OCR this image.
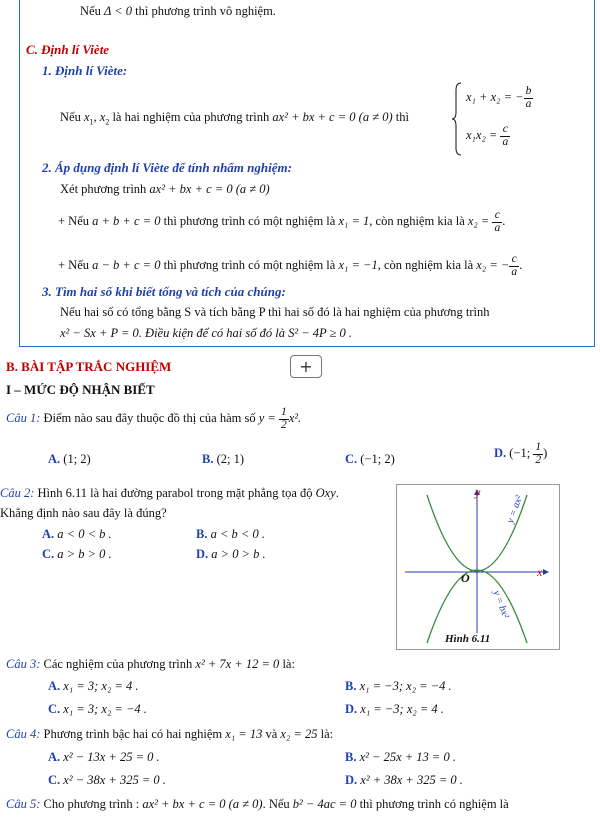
Nếu Δ < 0 thì phương trình vô nghiệm.
C. Định lí Viète
1. Định lí Viète:
Nếu $x_1$, $x_2$ là hai nghiệm của phương trình ax² + bx + c = 0 (a ≠ 0) thì
x₁ + x₂ = − $\frac{b}{a}$
$x_1x_2 = \frac{c}{a}$
2. Áp dụng định lí Viète để tính nhẩm nghiệm:
Xét phương trình ax² + bx + c = 0 (a ≠ 0)
+ Nếu a + b + c = 0 thì phương trình có một nghiệm là x₁ = 1, còn nghiệm kia là $x_2 = \frac{c}{a}$ .
+ Nếu a − b + c = 0 thì phương trình có một nghiệm là x₁ = −1, còn nghiệm kia là x₂ = − $\frac{c}{a}$ .
3. Tìm hai số khi biết tổng và tích của chúng:
Nếu hai số có tổng bằng S và tích bằng P thì hai số đó là hai nghiệm của phương trình
x² − Sx + P = 0. Điều kiện để có hai số đó là S² − 4P ≥ 0 .
B. BÀI TẬP TRẮC NGHIỆM	+
I – MỨC ĐỘ NHẬN BIẾT
Câu 1: Điểm nào sau đây thuộc đồ thị của hàm số $y = \frac{1}{2} x^2$.
A. (1; 2)	B. (2; 1)	C. (−1; 2)	D. (−1; $\frac{1}{2}$ )
Câu 2: Hình 6.11 là hai đường parabol trong mặt phẳng tọa độ Oxy.
Khẳng định nào sau đây là đúng?
A. a < 0 < b .	B. a < b < 0 .
C. a > b > 0 .	D. a > 0 > b .
y
x
O
y = ax²
y = bx²
Hình 6.11
Câu 3: Các nghiệm của phương trình x² + 7x + 12 = 0 là:
A. x₁ = 3; x₂ = 4 .	B. x₁ = −3; x₂ = −4 .
C. x₁ = 3; x₂ = −4 .	D. x₁ = −3; x₂ = 4 .
Câu 4: Phương trình bậc hai có hai nghiệm x₁ = 13 và x₂ = 25 là:
A. x² − 13x + 25 = 0 .	B. x² − 25x + 13 = 0 .
C. x² − 38x + 325 = 0 .	D. x² + 38x + 325 = 0 .
Câu 5: Cho phương trình : ax² + bx + c = 0 (a ≠ 0). Nếu b² − 4ac = 0 thì phương trình có nghiệm là
